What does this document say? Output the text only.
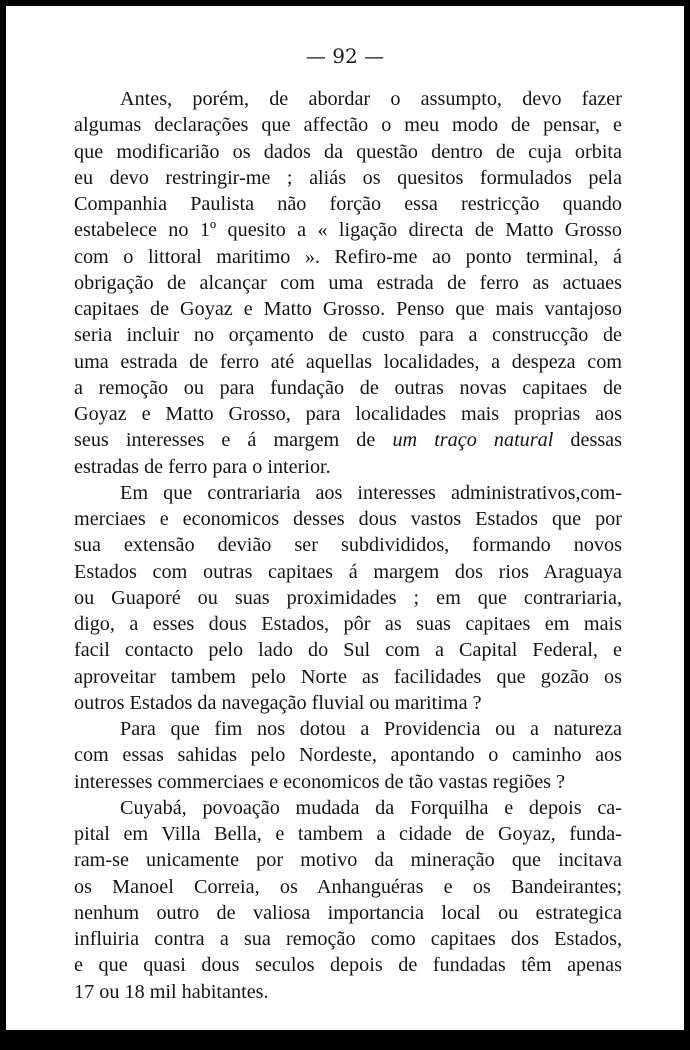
— 92 —
Antes, porém, de abordar o assumpto, devo fazer
algumas declarações que affectão o meu modo de pensar, e
que modificarião os dados da questão dentro de cuja orbita
eu devo restringir-me ; aliás os quesitos formulados pela
Companhia Paulista não forção essa restricção quando
estabelece no 1º quesito a « ligação directa de Matto Grosso
com o littoral maritimo ». Refiro-me ao ponto terminal, á
obrigação de alcançar com uma estrada de ferro as actuaes
capitaes de Goyaz e Matto Grosso. Penso que mais vantajoso
seria incluir no orçamento de custo para a construcção de
uma estrada de ferro até aquellas localidades, a despeza com
a remoção ou para fundação de outras novas capitaes de
Goyaz e Matto Grosso, para localidades mais proprias aos
seus interesses e á margem de um traço natural dessas
estradas de ferro para o interior.
Em que contrariaria aos interesses administrativos,com-
merciaes e economicos desses dous vastos Estados que por
sua extensão devião ser subdivididos, formando novos
Estados com outras capitaes á margem dos rios Araguaya
ou Guaporé ou suas proximidades ; em que contrariaria,
digo, a esses dous Estados, pôr as suas capitaes em mais
facil contacto pelo lado do Sul com a Capital Federal, e
aproveitar tambem pelo Norte as facilidades que gozão os
outros Estados da navegação fluvial ou maritima ?
Para que fim nos dotou a Providencia ou a natureza
com essas sahidas pelo Nordeste, apontando o caminho aos
interesses commerciaes e economicos de tão vastas regiões ?
Cuyabá, povoação mudada da Forquilha e depois ca-
pital em Villa Bella, e tambem a cidade de Goyaz, funda-
ram-se unicamente por motivo da mineração que incitava
os Manoel Correia, os Anhanguéras e os Bandeirantes;
nenhum outro de valiosa importancia local ou estrategica
influiria contra a sua remoção como capitaes dos Estados,
e que quasi dous seculos depois de fundadas têm apenas
17 ou 18 mil habitantes.
